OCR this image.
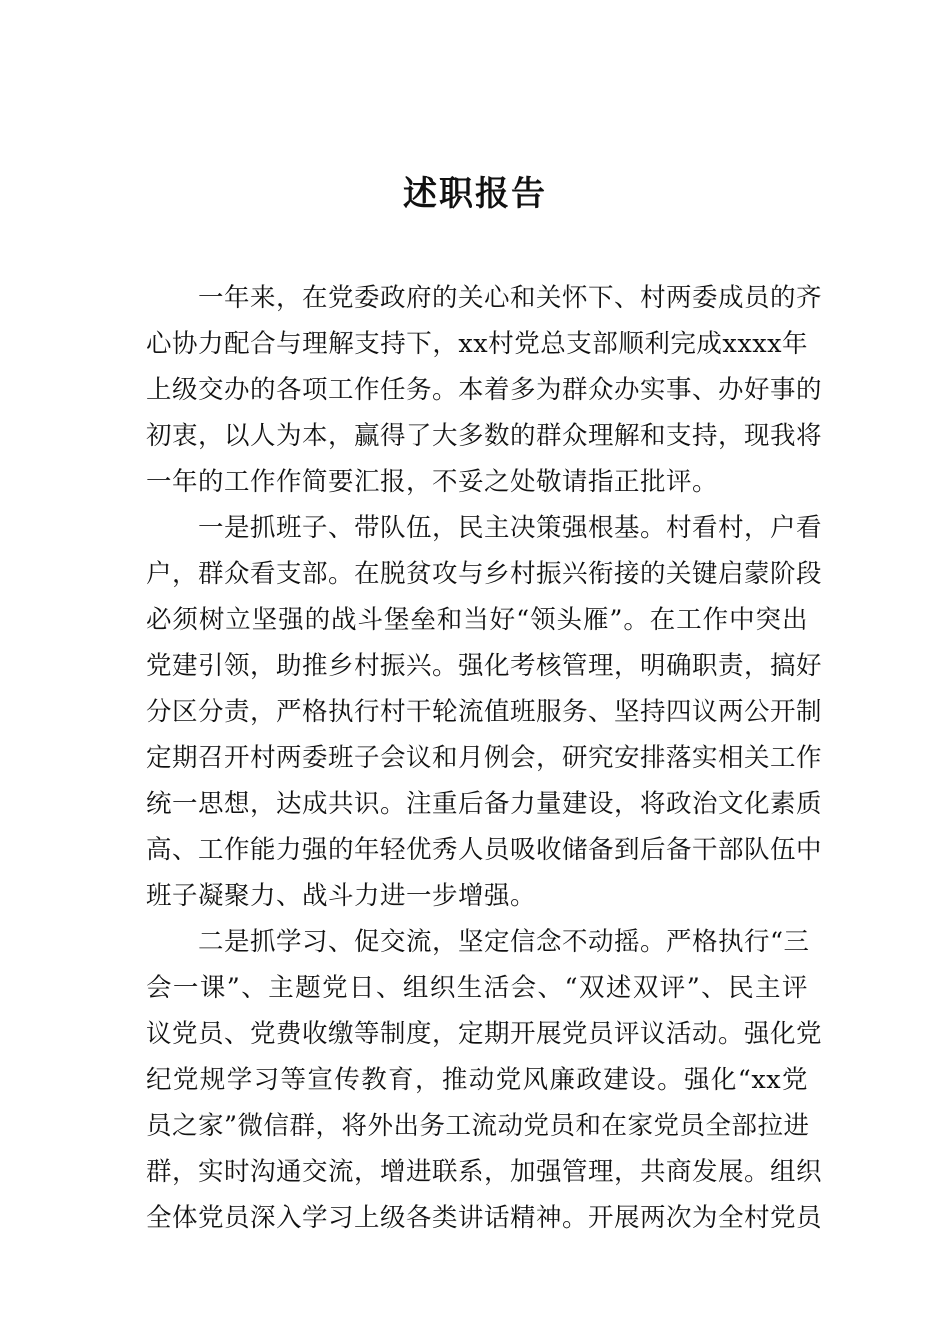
述职报告
一年来，在党委政府的关心和关怀下、村两委成员的齐
心协力配合与理解支持下，xx村党总支部顺利完成xxxx年
上级交办的各项工作任务。本着多为群众办实事、办好事的
初衷，以人为本，赢得了大多数的群众理解和支持，现我将
一年的工作作简要汇报，不妥之处敬请指正批评。
一是抓班子、带队伍，民主决策强根基。村看村，户看
户，群众看支部。在脱贫攻与乡村振兴衔接的关键启蒙阶段
必须树立坚强的战斗堡垒和当好“领头雁”。在工作中突出
党建引领，助推乡村振兴。强化考核管理，明确职责，搞好
分区分责，严格执行村干轮流值班服务、坚持四议两公开制
定期召开村两委班子会议和月例会，研究安排落实相关工作
统一思想，达成共识。注重后备力量建设，将政治文化素质
高、工作能力强的年轻优秀人员吸收储备到后备干部队伍中
班子凝聚力、战斗力进一步增强。
二是抓学习、促交流，坚定信念不动摇。严格执行“三
会一课”、主题党日、组织生活会、“双述双评”、民主评
议党员、党费收缴等制度，定期开展党员评议活动。强化党
纪党规学习等宣传教育，推动党风廉政建设。强化“xx党
员之家”微信群，将外出务工流动党员和在家党员全部拉进
群，实时沟通交流，增进联系，加强管理，共商发展。组织
全体党员深入学习上级各类讲话精神。开展两次为全村党员
